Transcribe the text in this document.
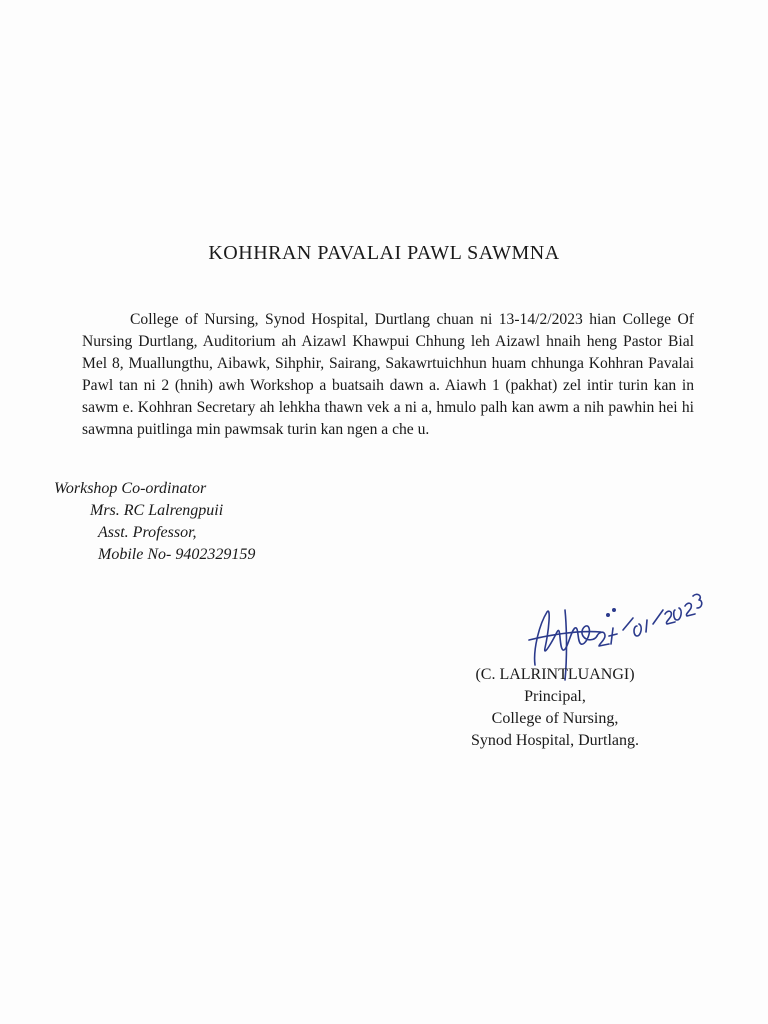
KOHHRAN PAVALAI PAWL SAWMNA
College of Nursing, Synod Hospital, Durtlang chuan ni 13-14/2/2023 hian College Of Nursing Durtlang, Auditorium ah Aizawl Khawpui Chhung leh Aizawl hnaih heng Pastor Bial Mel 8, Muallungthu, Aibawk, Sihphir, Sairang, Sakawrtuichhun huam chhunga Kohhran Pavalai Pawl tan ni 2 (hnih) awh Workshop a buatsaih dawn a. Aiawh 1 (pakhat) zel intir turin kan in sawm e. Kohhran Secretary ah lehkha thawn vek a ni a, hmulo palh kan awm a nih pawhin hei hi sawmna puitlinga min pawmsak turin kan ngen a che u.
Workshop Co-ordinator
Mrs. RC Lalrengpuii
Asst. Professor,
Mobile No- 9402329159
(C. LALRINTLUANGI)
Principal,
College of Nursing,
Synod Hospital, Durtlang.
